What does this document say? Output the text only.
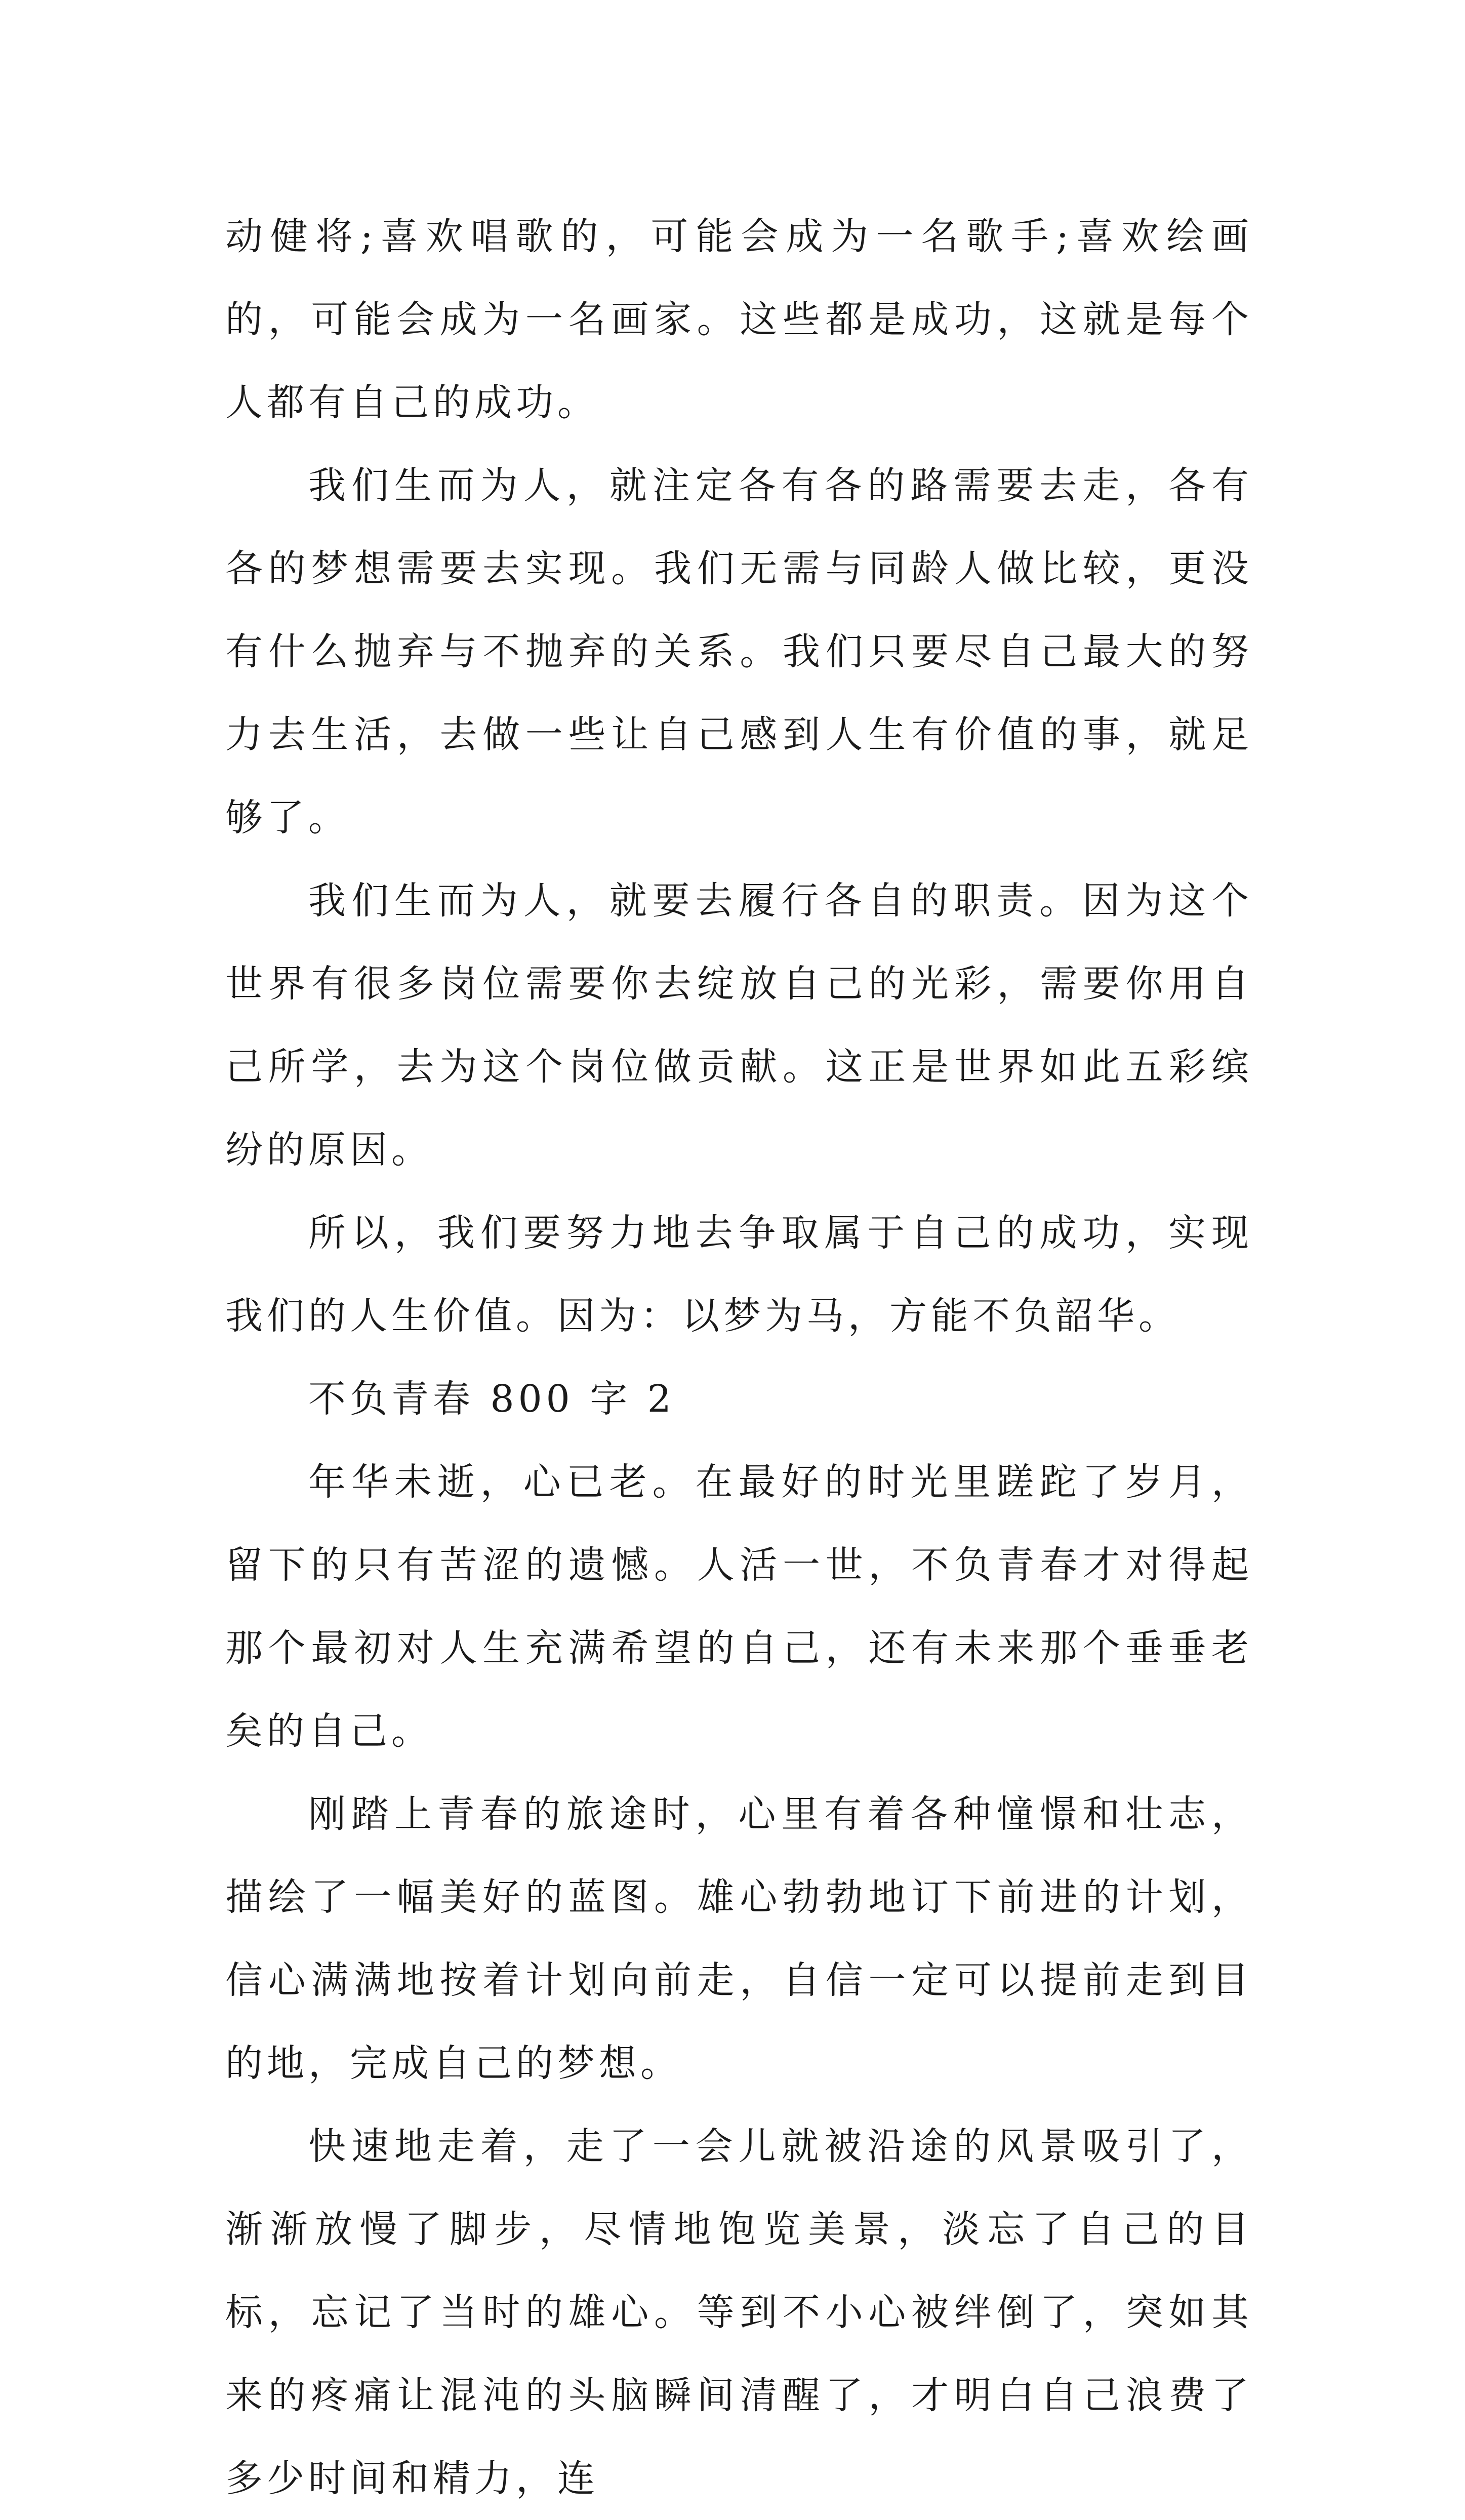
动健将;喜欢唱歌的，可能会成为一名歌手;喜欢绘画的，可能会成为一名画家。这些都是成功，这就是每个人都有自己的成功。

我们生而为人，就注定各有各的路需要去走，各有各的梦想需要去实现。我们无需与同龄人做比较，更没有什么抛弃与不抛弃的关系。我们只要尽自己最大的努力去生活，去做一些让自己感到人生有价值的事，就足够了。

我们生而为人，就要去履行各自的职责。因为这个世界有很多岗位需要你去绽放自己的光彩，需要你用自己所学，去为这个岗位做贡献。这正是世界如此五彩缤纷的原因。

所以，我们要努力地去争取属于自己的成功，实现我们的人生价值。因为：以梦为马，方能不负韶华。

不负青春 800 字 2

年华未逝，心已老。在最好的时光里蹉跎了岁月，留下的只有苦涩的遗憾。人活一世，不负青春才对得起那个最初对人生充满希望的自己，还有未来那个垂垂老矣的自己。

刚踏上青春的旅途时，心里有着各种憧憬和壮志，描绘了一幅美好的蓝图。雄心勃勃地订下前进的计划，信心满满地按着计划向前走，自信一定可以提前走到目的地，完成自己的梦想。

快速地走着，走了一会儿就被沿途的风景吸引了，渐渐放慢了脚步，尽情地饱览美景，淡忘了自己的目标，忘记了当时的雄心。等到不小心被绊倒了，突如其来的疼痛让混沌的头脑瞬间清醒了，才明白自己浪费了多少时间和精力，连
